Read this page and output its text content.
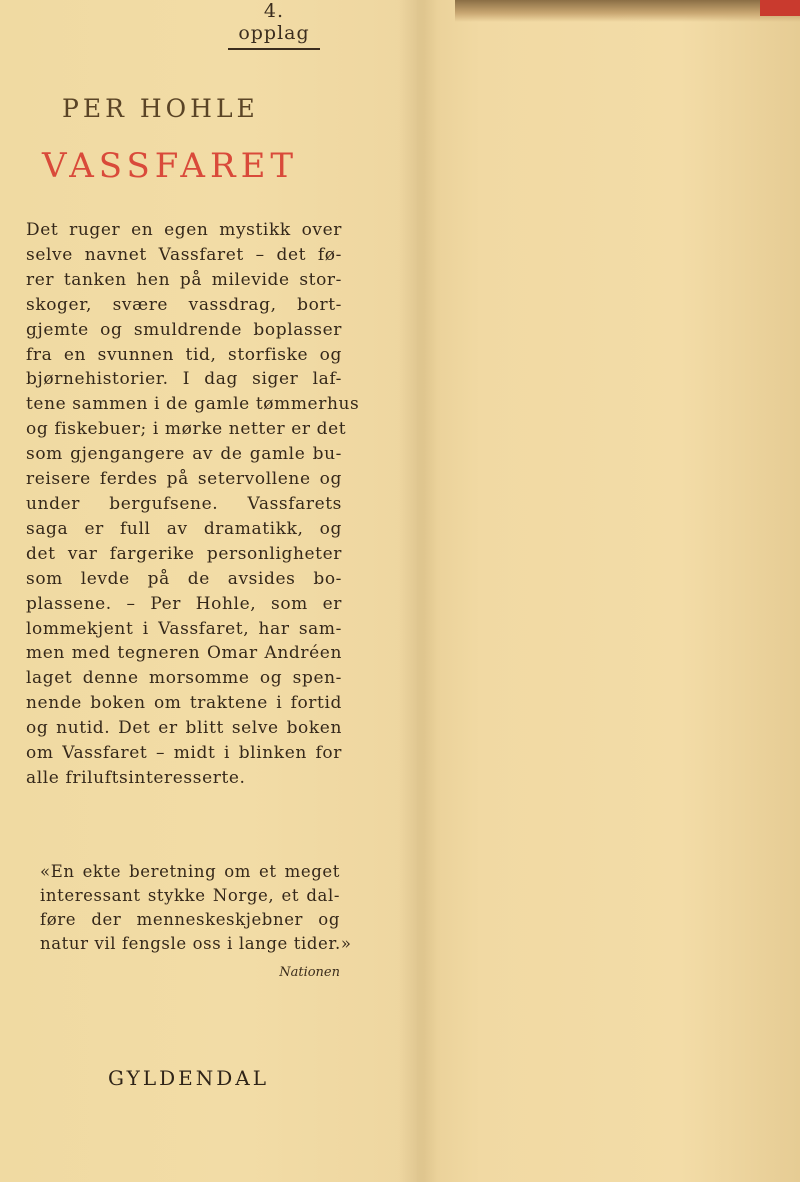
4. opplag
PER HOHLE
VASSFARET
Det ruger en egen mystikk over
selve navnet Vassfaret – det fø-
rer tanken hen på milevide stor-
skoger, svære vassdrag, bort-
gjemte og smuldrende boplasser
fra en svunnen tid, storfiske og
bjørnehistorier. I dag siger laf-
tene sammen i de gamle tømmerhus
og fiskebuer; i mørke netter er det
som gjengangere av de gamle bu-
reisere ferdes på setervollene og
under bergufsene. Vassfarets
saga er full av dramatikk, og
det var fargerike personligheter
som levde på de avsides bo-
plassene. – Per Hohle, som er
lommekjent i Vassfaret, har sam-
men med tegneren Omar Andréen
laget denne morsomme og spen-
nende boken om traktene i fortid
og nutid. Det er blitt selve boken
om Vassfaret – midt i blinken for
alle friluftsinteresserte.
«En ekte beretning om et meget
interessant stykke Norge, et dal-
føre der menneskeskjebner og
natur vil fengsle oss i lange tider.»
Nationen
GYLDENDAL
